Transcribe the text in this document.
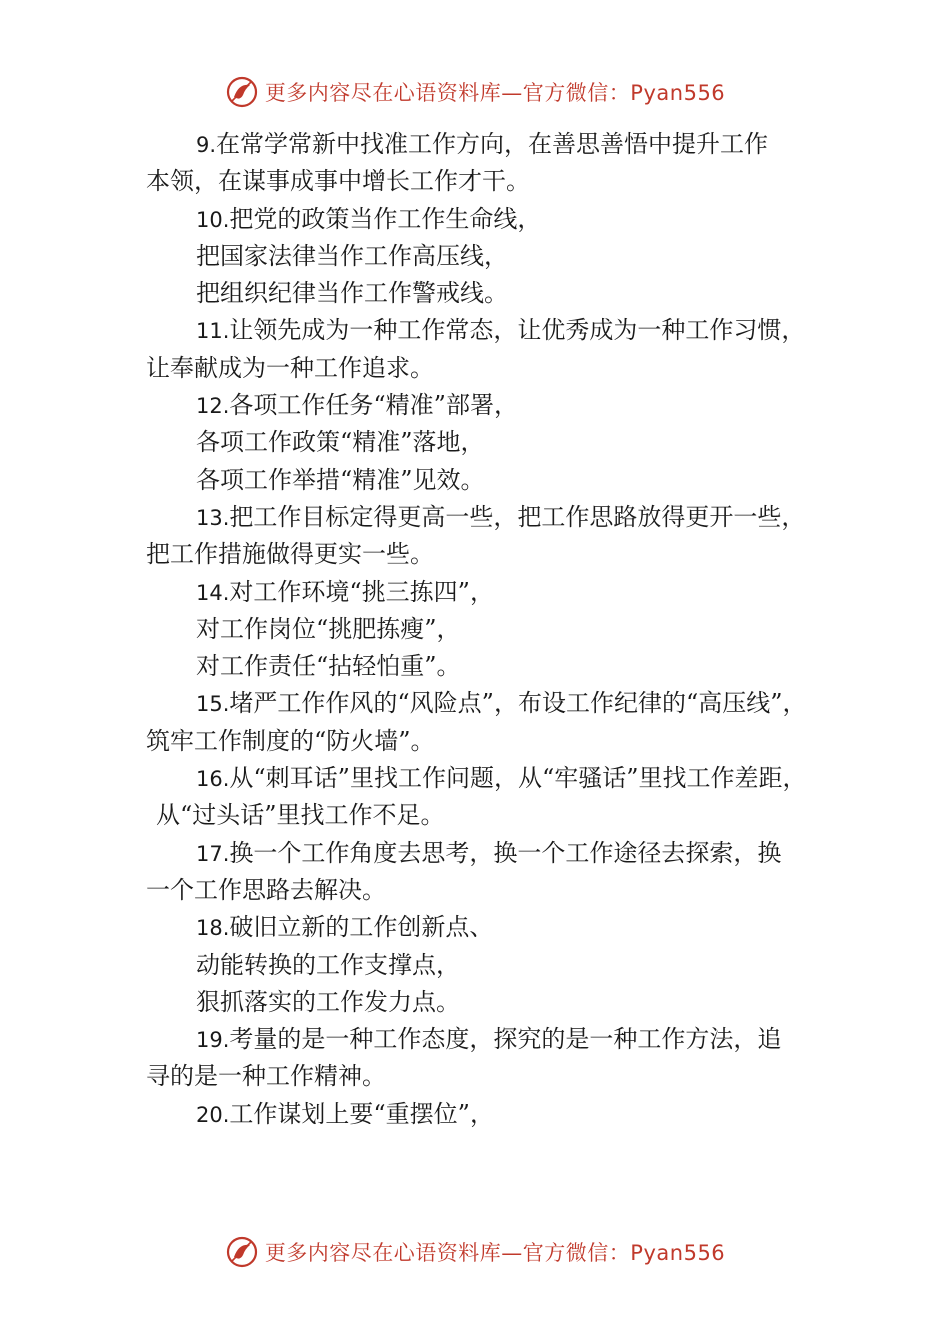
更多内容尽在心语资料库—官方微信：Pyan556
9.在常学常新中找准工作方向，在善思善悟中提升工作
本领，在谋事成事中增长工作才干。
10.把党的政策当作工作生命线，
把国家法律当作工作高压线，
把组织纪律当作工作警戒线。
11.让领先成为一种工作常态，让优秀成为一种工作习惯，
让奉献成为一种工作追求。
12.各项工作任务“精准”部署，
各项工作政策“精准”落地，
各项工作举措“精准”见效。
13.把工作目标定得更高一些，把工作思路放得更开一些，
把工作措施做得更实一些。
14.对工作环境“挑三拣四”，
对工作岗位“挑肥拣瘦”，
对工作责任“拈轻怕重”。
15.堵严工作作风的“风险点”，布设工作纪律的“高压线”，
筑牢工作制度的“防火墙”。
16.从“刺耳话”里找工作问题，从“牢骚话”里找工作差距，
从“过头话”里找工作不足。
17.换一个工作角度去思考，换一个工作途径去探索，换
一个工作思路去解决。
18.破旧立新的工作创新点、
动能转换的工作支撑点，
狠抓落实的工作发力点。
19.考量的是一种工作态度，探究的是一种工作方法，追
寻的是一种工作精神。
20.工作谋划上要“重摆位”，
更多内容尽在心语资料库—官方微信：Pyan556
